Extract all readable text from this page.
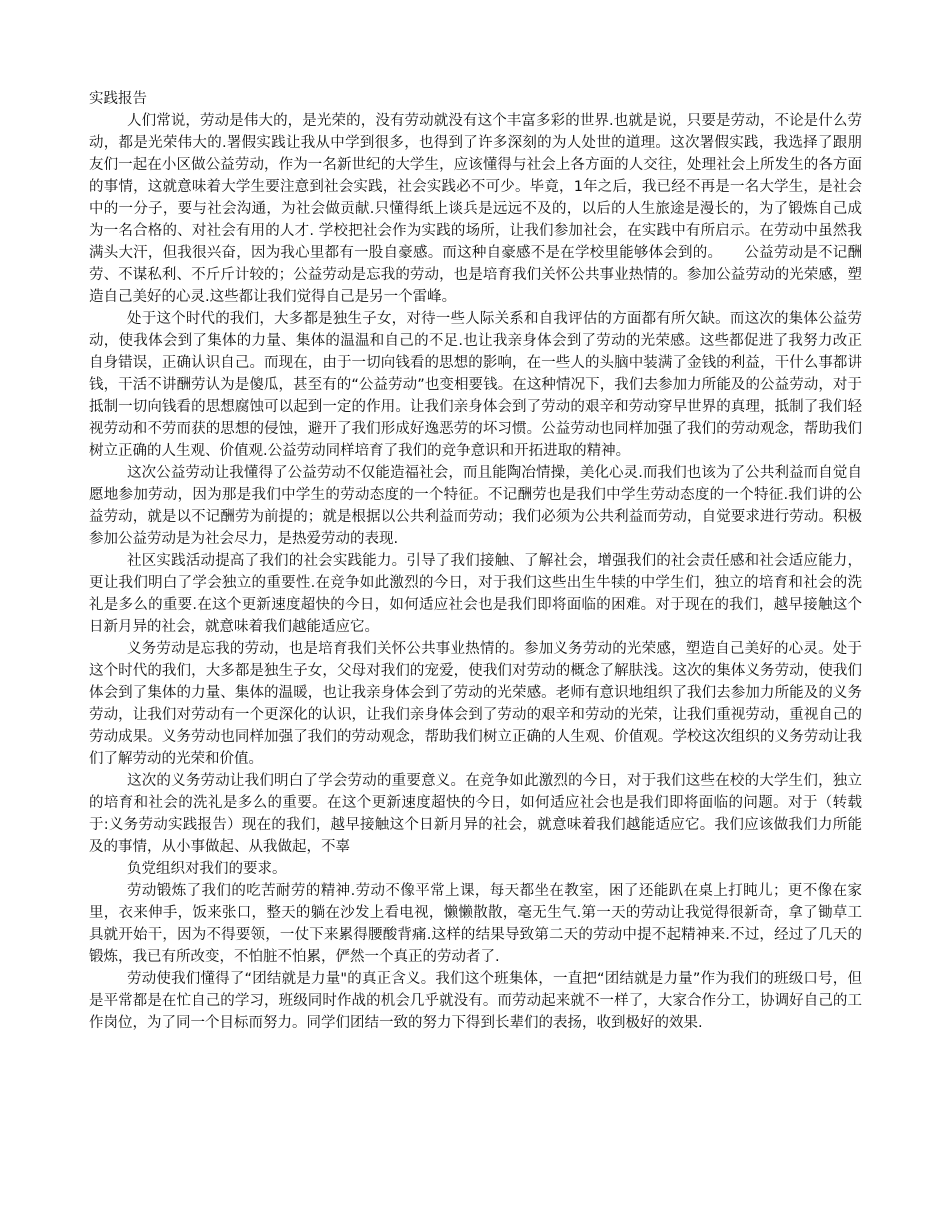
实践报告

人们常说，劳动是伟大的，是光荣的，没有劳动就没有这个丰富多彩的世界.也就是说，只要是劳动，不论是什么劳动，都是光荣伟大的.署假实践让我从中学到很多，也得到了许多深刻的为人处世的道理。这次署假实践，我选择了跟朋友们一起在小区做公益劳动，作为一名新世纪的大学生，应该懂得与社会上各方面的人交往，处理社会上所发生的各方面的事情，这就意味着大学生要注意到社会实践，社会实践必不可少。毕竟，1年之后，我已经不再是一名大学生，是社会中的一分子，要与社会沟通，为社会做贡献.只懂得纸上谈兵是远远不及的，以后的人生旅途是漫长的，为了锻炼自己成为一名合格的、对社会有用的人才. 学校把社会作为实践的场所，让我们参加社会，在实践中有所启示。在劳动中虽然我满头大汗，但我很兴奋，因为我心里都有一股自豪感。而这种自豪感不是在学校里能够体会到的。　　公益劳动是不记酬劳、不谋私利、不斤斤计较的；公益劳动是忘我的劳动，也是培育我们关怀公共事业热情的。参加公益劳动的光荣感，塑造自己美好的心灵.这些都让我们觉得自己是另一个雷峰。

处于这个时代的我们，大多都是独生子女，对待一些人际关系和自我评估的方面都有所欠缺。而这次的集体公益劳动，使我体会到了集体的力量、集体的温温和自己的不足.也让我亲身体会到了劳动的光荣感。这些都促进了我努力改正自身错误，正确认识自己。而现在，由于一切向钱看的思想的影响，在一些人的头脑中装满了金钱的利益，干什么事都讲钱，干活不讲酬劳认为是傻瓜，甚至有的“公益劳动”也变相要钱。在这种情况下，我们去参加力所能及的公益劳动，对于抵制一切向钱看的思想腐蚀可以起到一定的作用。让我们亲身体会到了劳动的艰辛和劳动穿早世界的真理，抵制了我们轻视劳动和不劳而获的思想的侵蚀，避开了我们形成好逸恶劳的坏习惯。公益劳动也同样加强了我们的劳动观念，帮助我们树立正确的人生观、价值观.公益劳动同样培育了我们的竞争意识和开拓进取的精神。

这次公益劳动让我懂得了公益劳动不仅能造福社会，而且能陶冶情操，美化心灵.而我们也该为了公共利益而自觉自愿地参加劳动，因为那是我们中学生的劳动态度的一个特征。不记酬劳也是我们中学生劳动态度的一个特征.我们讲的公益劳动，就是以不记酬劳为前提的；就是根据以公共利益而劳动；我们必须为公共利益而劳动，自觉要求进行劳动。积极参加公益劳动是为社会尽力，是热爱劳动的表现.

社区实践活动提高了我们的社会实践能力。引导了我们接触、了解社会，增强我们的社会责任感和社会适应能力，更让我们明白了学会独立的重要性.在竞争如此激烈的今日，对于我们这些出生牛犊的中学生们，独立的培育和社会的洗礼是多么的重要.在这个更新速度超快的今日，如何适应社会也是我们即将面临的困难。对于现在的我们，越早接触这个日新月异的社会，就意味着我们越能适应它。

义务劳动是忘我的劳动，也是培育我们关怀公共事业热情的。参加义务劳动的光荣感，塑造自己美好的心灵。处于这个时代的我们，大多都是独生子女，父母对我们的宠爱，使我们对劳动的概念了解肤浅。这次的集体义务劳动，使我们体会到了集体的力量、集体的温暖，也让我亲身体会到了劳动的光荣感。老师有意识地组织了我们去参加力所能及的义务劳动，让我们对劳动有一个更深化的认识，让我们亲身体会到了劳动的艰辛和劳动的光荣，让我们重视劳动，重视自己的劳动成果。义务劳动也同样加强了我们的劳动观念，帮助我们树立正确的人生观、价值观。学校这次组织的义务劳动让我们了解劳动的光荣和价值。

这次的义务劳动让我们明白了学会劳动的重要意义。在竞争如此激烈的今日，对于我们这些在校的大学生们，独立的培育和社会的洗礼是多么的重要。在这个更新速度超快的今日，如何适应社会也是我们即将面临的问题。对于（转载于:义务劳动实践报告）现在的我们，越早接触这个日新月异的社会，就意味着我们越能适应它。我们应该做我们力所能及的事情，从小事做起、从我做起，不辜

负党组织对我们的要求。

劳动锻炼了我们的吃苦耐劳的精神.劳动不像平常上课，每天都坐在教室，困了还能趴在桌上打盹儿；更不像在家里，衣来伸手，饭来张口，整天的躺在沙发上看电视，懒懒散散，毫无生气.第一天的劳动让我觉得很新奇，拿了锄草工具就开始干，因为不得要领，一仗下来累得腰酸背痛.这样的结果导致第二天的劳动中提不起精神来.不过，经过了几天的锻炼，我已有所改变，不怕脏不怕累，俨然一个真正的劳动者了.

劳动使我们懂得了“团结就是力量"的真正含义。我们这个班集体，一直把“团结就是力量”作为我们的班级口号，但是平常都是在忙自己的学习，班级同时作战的机会几乎就没有。而劳动起来就不一样了，大家合作分工，协调好自己的工作岗位，为了同一个目标而努力。同学们团结一致的努力下得到长辈们的表扬，收到极好的效果.
